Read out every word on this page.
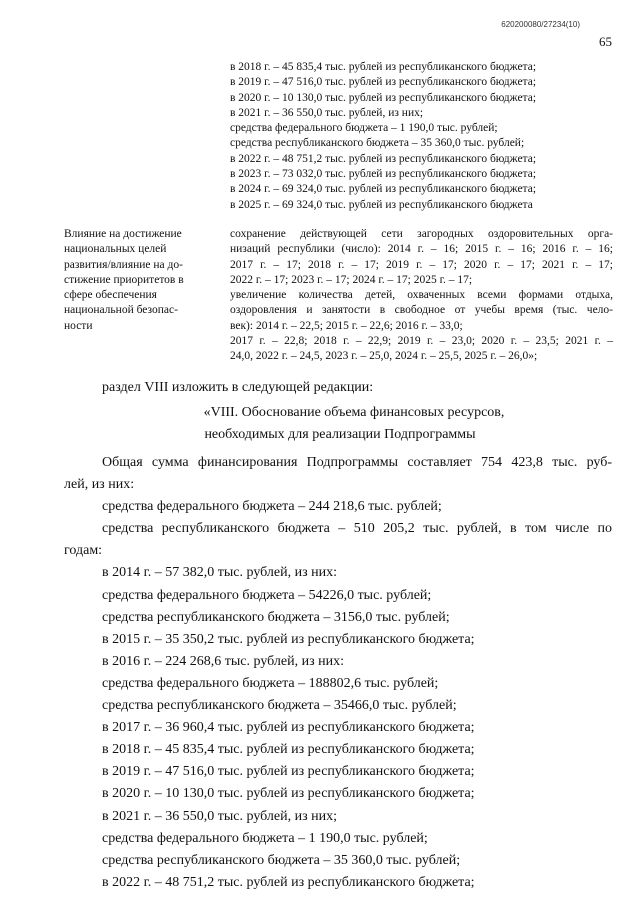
620200080/27234(10)
65
в 2018 г. – 45 835,4 тыс. рублей из республиканского бюджета;
в 2019 г. – 47 516,0 тыс. рублей из республиканского бюджета;
в 2020 г. – 10 130,0 тыс. рублей из республиканского бюджета;
в 2021 г. – 36 550,0 тыс. рублей, из них;
средства федерального бюджета – 1 190,0 тыс. рублей;
средства республиканского бюджета – 35 360,0 тыс. рублей;
в 2022 г. – 48 751,2 тыс. рублей из республиканского бюджета;
в 2023 г. – 73 032,0 тыс. рублей из республиканского бюджета;
в 2024 г. – 69 324,0 тыс. рублей из республиканского бюджета;
в 2025 г. – 69 324,0 тыс. рублей из республиканского бюджета
Влияние на достижение
национальных целей
развития/влияние на до-
стижение приоритетов в
сфере обеспечения
национальной безопас-
ности
сохранение действующей сети загородных оздоровительных орга-
низаций республики (число): 2014 г. – 16; 2015 г. – 16; 2016 г. – 16;
2017 г. – 17; 2018 г. – 17; 2019 г. – 17; 2020 г. – 17; 2021 г. – 17;
2022 г. – 17; 2023 г. – 17; 2024 г. – 17; 2025 г. – 17;
увеличение количества детей, охваченных всеми формами отдыха,
оздоровления и занятости в свободное от учебы время (тыс. чело-
век): 2014 г. – 22,5; 2015 г. – 22,6; 2016 г. – 33,0;
2017 г. – 22,8; 2018 г. – 22,9; 2019 г. – 23,0; 2020 г. – 23,5; 2021 г. –
24,0, 2022 г. – 24,5, 2023 г. – 25,0, 2024 г. – 25,5, 2025 г. – 26,0»;
раздел VIII изложить в следующей редакции:
«VIII. Обоснование объема финансовых ресурсов,
необходимых для реализации Подпрограммы
Общая сумма финансирования Подпрограммы составляет 754 423,8 тыс. руб-
лей, из них:
средства федерального бюджета – 244 218,6 тыс. рублей;
средства республиканского бюджета – 510 205,2 тыс. рублей, в том числе по
годам:
в 2014 г. – 57 382,0 тыс. рублей, из них:
средства федерального бюджета – 54226,0 тыс. рублей;
средства республиканского бюджета – 3156,0 тыс. рублей;
в 2015 г. – 35 350,2 тыс. рублей из республиканского бюджета;
в 2016 г. – 224 268,6 тыс. рублей, из них:
средства федерального бюджета – 188802,6 тыс. рублей;
средства республиканского бюджета – 35466,0 тыс. рублей;
в 2017 г. – 36 960,4 тыс. рублей из республиканского бюджета;
в 2018 г. – 45 835,4 тыс. рублей из республиканского бюджета;
в 2019 г. – 47 516,0 тыс. рублей из республиканского бюджета;
в 2020 г. – 10 130,0 тыс. рублей из республиканского бюджета;
в 2021 г. – 36 550,0 тыс. рублей, из них;
средства федерального бюджета – 1 190,0 тыс. рублей;
средства республиканского бюджета – 35 360,0 тыс. рублей;
в 2022 г. – 48 751,2 тыс. рублей из республиканского бюджета;
